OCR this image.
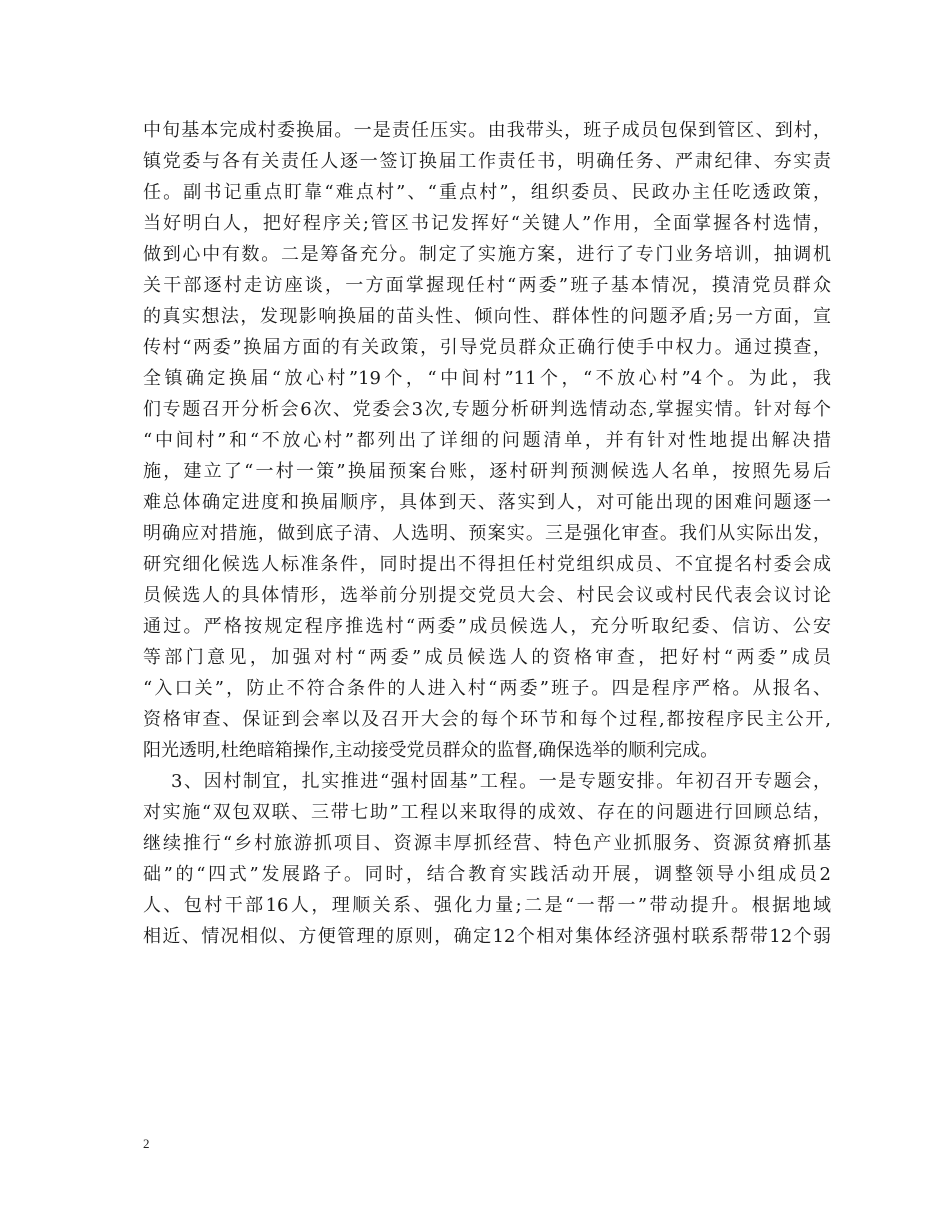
中旬基本完成村委换届。一是责任压实。由我带头，班子成员包保到管区、到村，
镇党委与各有关责任人逐一签订换届工作责任书，明确任务、严肃纪律、夯实责
任。副书记重点盯靠“难点村”、“重点村”，组织委员、民政办主任吃透政策，
当好明白人，把好程序关;管区书记发挥好“关键人”作用，全面掌握各村选情，
做到心中有数。二是筹备充分。制定了实施方案，进行了专门业务培训，抽调机
关干部逐村走访座谈，一方面掌握现任村“两委”班子基本情况，摸清党员群众
的真实想法，发现影响换届的苗头性、倾向性、群体性的问题矛盾;另一方面，宣
传村“两委”换届方面的有关政策，引导党员群众正确行使手中权力。通过摸查，
全镇确定换届“放心村”19个，“中间村”11个，“不放心村”4个。为此，我
们专题召开分析会6次、党委会3次,专题分析研判选情动态,掌握实情。针对每个
“中间村”和“不放心村”都列出了详细的问题清单，并有针对性地提出解决措
施，建立了“一村一策”换届预案台账，逐村研判预测候选人名单，按照先易后
难总体确定进度和换届顺序，具体到天、落实到人，对可能出现的困难问题逐一
明确应对措施，做到底子清、人选明、预案实。三是强化审查。我们从实际出发，
研究细化候选人标准条件，同时提出不得担任村党组织成员、不宜提名村委会成
员候选人的具体情形，选举前分别提交党员大会、村民会议或村民代表会议讨论
通过。严格按规定程序推选村“两委”成员候选人，充分听取纪委、信访、公安
等部门意见，加强对村“两委”成员候选人的资格审查，把好村“两委”成员
“入口关”，防止不符合条件的人进入村“两委”班子。四是程序严格。从报名、
资格审查、保证到会率以及召开大会的每个环节和每个过程,都按程序民主公开,
阳光透明,杜绝暗箱操作,主动接受党员群众的监督,确保选举的顺利完成。
3、因村制宜，扎实推进“强村固基”工程。一是专题安排。年初召开专题会，
对实施“双包双联、三带七助”工程以来取得的成效、存在的问题进行回顾总结，
继续推行“乡村旅游抓项目、资源丰厚抓经营、特色产业抓服务、资源贫瘠抓基
础”的“四式”发展路子。同时，结合教育实践活动开展，调整领导小组成员2
人、包村干部16人，理顺关系、强化力量;二是“一帮一”带动提升。根据地域
相近、情况相似、方便管理的原则，确定12个相对集体经济强村联系帮带12个弱
2
